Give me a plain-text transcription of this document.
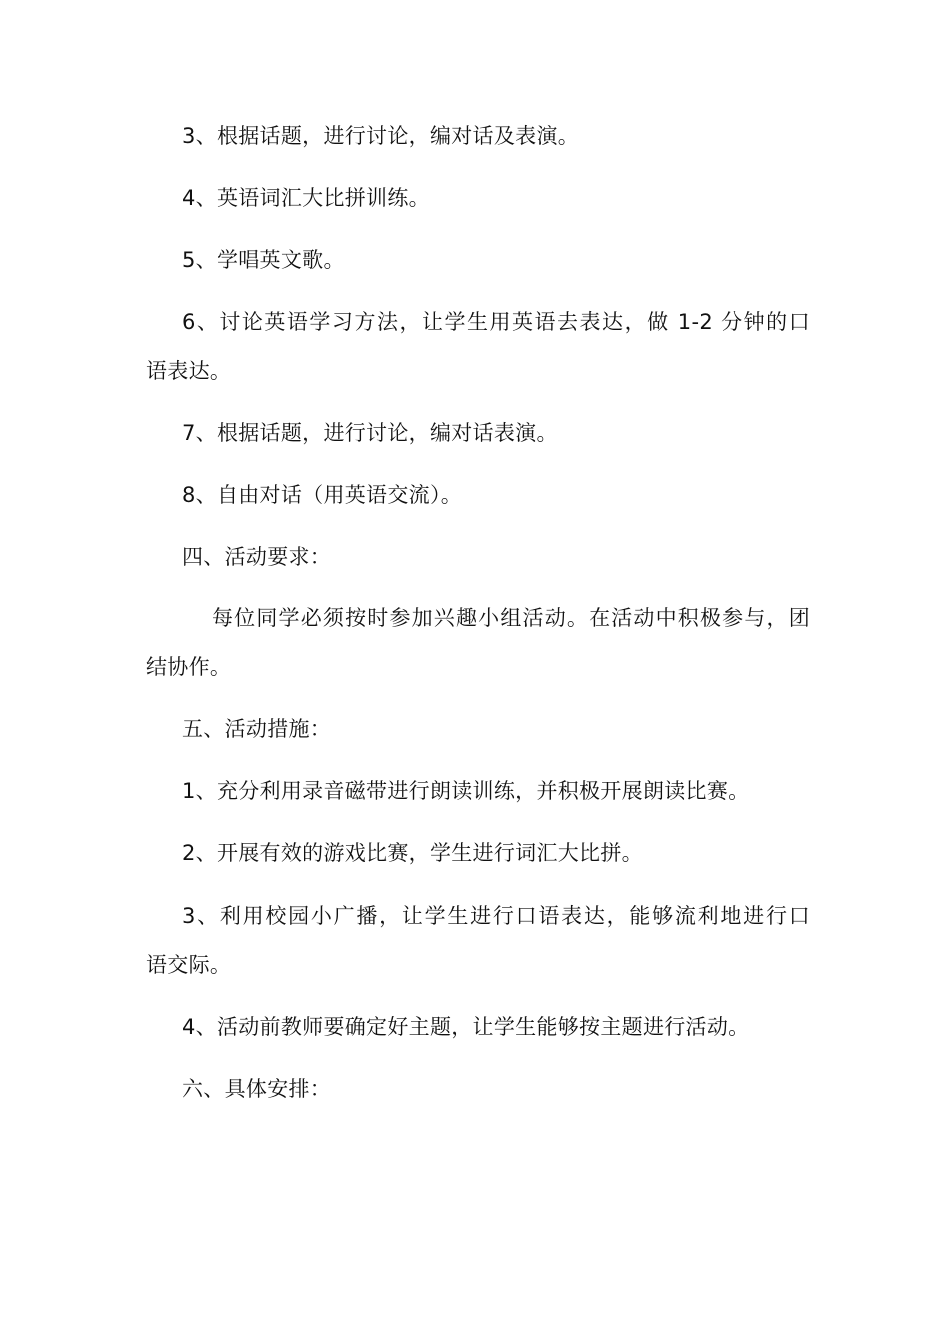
3、根据话题，进行讨论，编对话及表演。
4、英语词汇大比拼训练。
5、学唱英文歌。
6、讨论英语学习方法，让学生用英语去表达，做 1-2 分钟的口
语表达。
7、根据话题，进行讨论，编对话表演。
8、自由对话（用英语交流）。
四、活动要求：
每位同学必须按时参加兴趣小组活动。在活动中积极参与，团
结协作。
五、活动措施：
1、充分利用录音磁带进行朗读训练，并积极开展朗读比赛。
2、开展有效的游戏比赛，学生进行词汇大比拼。
3、利用校园小广播，让学生进行口语表达，能够流利地进行口
语交际。
4、活动前教师要确定好主题，让学生能够按主题进行活动。
六、具体安排：
